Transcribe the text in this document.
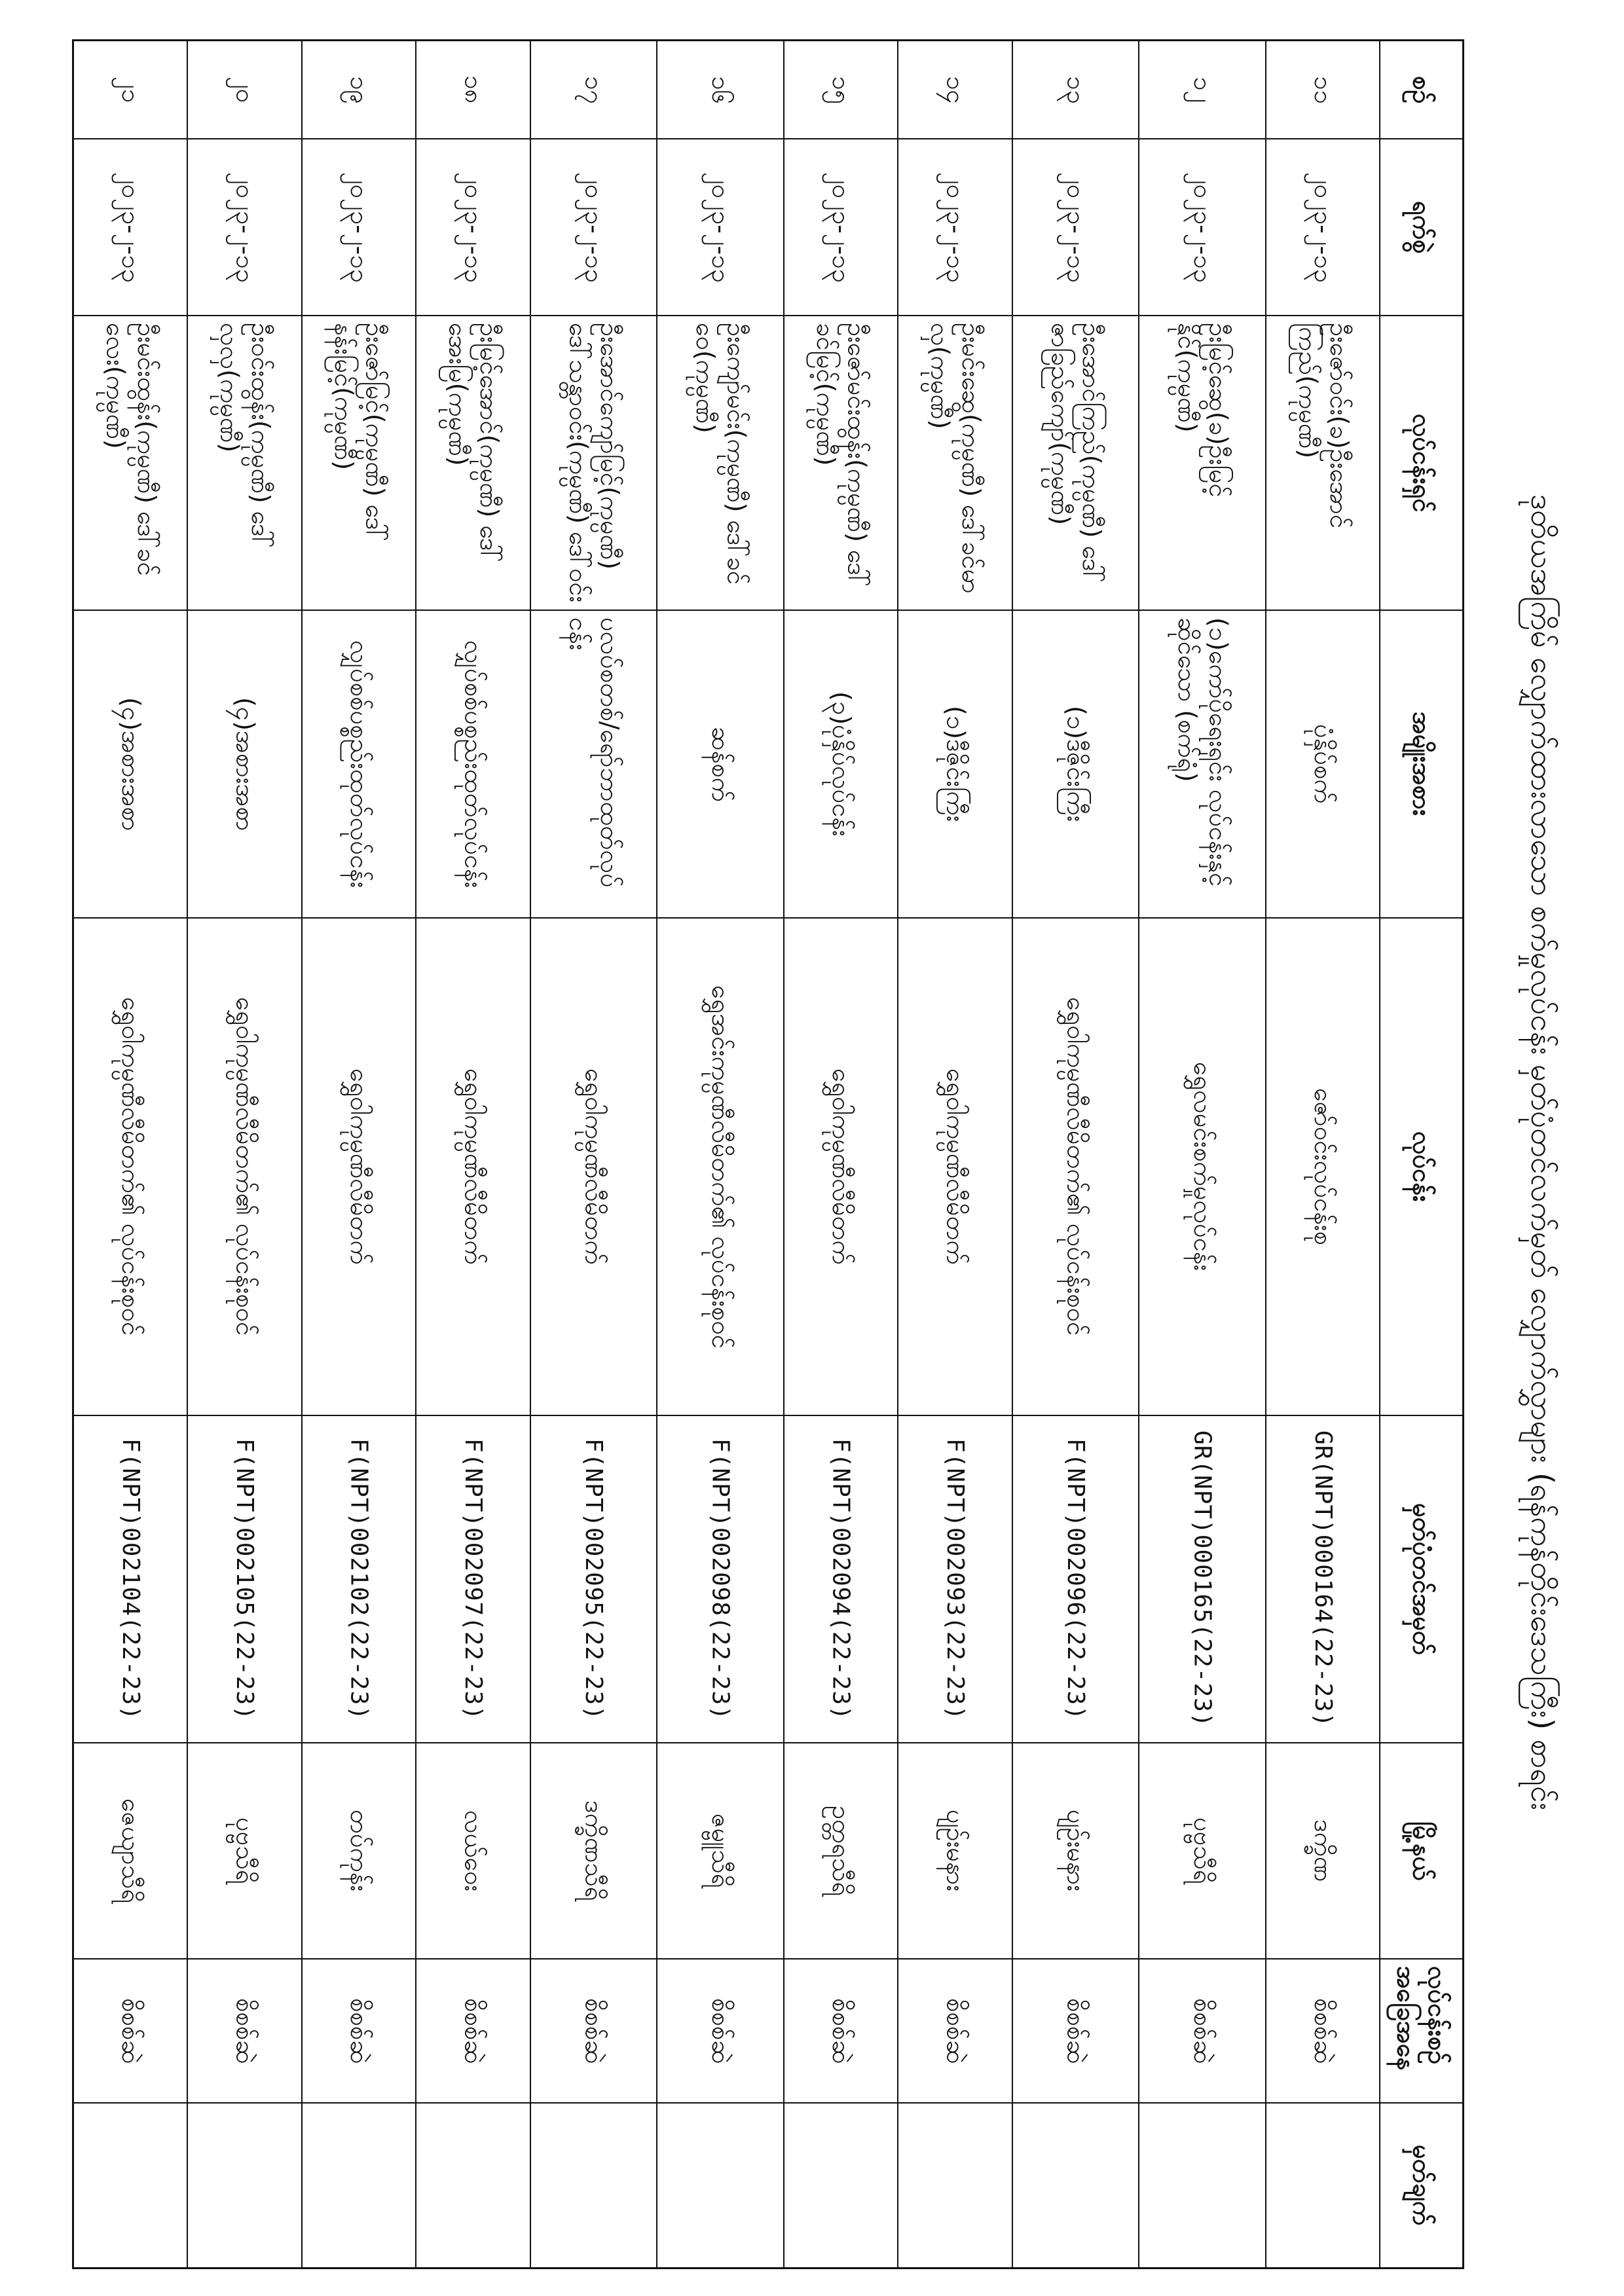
ဒုတိယအကြိမ် လျှောက်ထားလာသော စက်မှုလုပ်ငန်း မှတ်ပုံတင်လက်မှတ် လျှောက်လွှာများ (ရန်ကုန်တိုင်းဒေသကြီး) စာရင်း
စဉ်
ရက်စွဲ
လုပ်ငန်းရှင်
အမျိုးအစား
လုပ်ငန်း
မှတ်ပုံတင်အမှတ်
မြို့နယ်
လုပ်ငန်းစဉ် အခြေအနေ
မှတ်ချက်
၁၁
၂၀၂၃-၂-၁၃
ဦးဇော်ဝင်း(ခ)ဦးအောင်ကြည်(ကုမ္ပဏီ)
ပုံနှိပ်စက်
ဇော်ဝင်းလုပ်ငန်းစု
GR(NPT)000164(22-23)
ဒက္ခိဏ
စိစစ်ဆဲ
၁၂
၂၀၂၃-၂-၁၃
ဦးမြင့်ဆွေ(ခ)ဦးမြင့်နိုင်(ကုမ္ပဏီ)
(၁)ကော်ပိုရေးရှင်း လုပ်ငန်းနှင့်ဆိုင်သော (စက်ရုံ)
ရွှေလမင်းစက်မှုလုပ်ငန်း
GR(NPT)000165(22-23)
ပုဗ္ဗသီရိ
စိစစ်ဆဲ
၁၃
၂၀၂၃-၂-၁၃
ဦးအောင်ကြည်(ကုမ္ပဏီ) ဒေါ်ဇာခြည်ကျော်(ကုမ္ပဏီ)
(၁)ဒီဇိုင်းကြီး
ရွှေဝါကုမ္ပဏီလီမိတက်၏ လုပ်ငန်းစုဝင်
F(NPT)002096(22-23)
ပျဉ်းမနား
စိစစ်ဆဲ
၁၄
၂၀၂၃-၂-၁၃
ဦးမင်းဆွေ(ကုမ္ပဏီ) ဒေါ်ခင်မာလှ(ကုမ္ပဏီ)
(၁)ဒီဇိုင်းကြီး
ရွှေဝါကုမ္ပဏီလီမိတက်
F(NPT)002093(22-23)
ပျဉ်းမနား
စိစစ်ဆဲ
၁၅
၂၀၂၃-၂-၁၃
ဦးဇော်မင်းထွန်း(ကုမ္ပဏီ) ဒေါ်ခင်မြင့်(ကုမ္ပဏီ)
(၃)ပုံနှိပ်လုပ်ငန်း
ရွှေဝါကုမ္ပဏီလီမိတက်
F(NPT)002094(22-23)
ဥတ္တရသီရိ
စိစစ်ဆဲ
၁၆
၂၀၂၃-၂-၁၃
ဦးကျော်မင်း(ကုမ္ပဏီ) ဒေါ်ခင်ဝေ(ကုမ္ပဏီ)
ဆန်စက်
ရွှေအင်းကုမ္ပဏီလီမိတက်၏ လုပ်ငန်းစုဝင်
F(NPT)002098(22-23)
ဇမ္ဗူသီရိ
စိစစ်ဆဲ
၁၇
၂၀၂၃-၂-၁၃
ဦးအောင်ကျော်မြင့်(ကုမ္ပဏီ) ဒေါ်သန္တာဝင်း(ကုမ္ပဏီ) ဒေါ်ဝင်း
ပလပ်စတစ်/ရော်ဘာထုတ်လုပ်ငန်း
ရွှေဝါကုမ္ပဏီလီမိတက်
F(NPT)002095(22-23)
ဒက္ခိဏသီရိ
စိစစ်ဆဲ
၁၈
၂၀၂၃-၂-၁၃
ဦးမြင့်အောင်(ကုမ္ပဏီ) ဒေါ်အေးမြ(ကုမ္ပဏီ)
လျှပ်စစ်ပစ္စည်းထုတ်လုပ်ငန်း
ရွှေဝါကုမ္ပဏီလီမိတက်
F(NPT)002097(22-23)
လယ်ဝေး
စိစစ်ဆဲ
၁၉
၂၀၂၃-၂-၁၃
ဦးဇော်မြင့်(ကုမ္ပဏီ) ဒေါ်နန်းမြင့်(ကုမ္ပဏီ)
လျှပ်စစ်ပစ္စည်းထုတ်လုပ်ငန်း
ရွှေဝါကုမ္ပဏီလီမိတက်
F(NPT)002102(22-23)
တပ်ကုန်း
စိစစ်ဆဲ
၂၀
၂၀၂၃-၂-၁၃
ဦးဝင်းထွန်း(ကုမ္ပဏီ) ဒေါ်လှလှ(ကုမ္ပဏီ)
(၄)အစားအစာ
ရွှေဝါကုမ္ပဏီလီမိတက်၏ လုပ်ငန်းစုဝင်
F(NPT)002105(22-23)
ပုဗ္ဗသီရိ
စိစစ်ဆဲ
၂၁
၂၀၂၃-၂-၁၃
ဦးမင်းထွန်း(ကုမ္ပဏီ) ဒေါ်ခင်လေး(ကုမ္ပဏီ)
(၄)အစားအစာ
ရွှေဝါကုမ္ပဏီလီမိတက်၏ လုပ်ငန်းစုဝင်
F(NPT)002104(22-23)
ဇေယျာသီရိ
စိစစ်ဆဲ
